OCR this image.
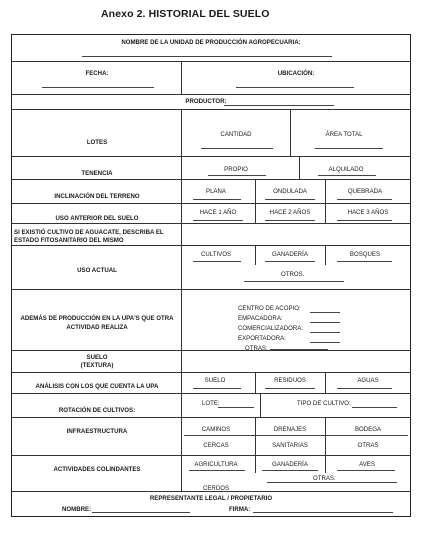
Anexo 2. HISTORIAL DEL SUELO
NOMBRE DE LA UNIDAD DE PRODUCCIÓN AGROPECUARIA:
FECHA:	UBICACIÓN:
PRODUCTOR:
LOTES
CANTIDAD	ÁREA TOTAL
TENENCIA
PROPIO	ALQUILADO
INCLINACIÓN DEL TERRENO
PLANA	ONDULADA	QUEBRADA
USO ANTERIOR DEL SUELO
HACE 1 AÑO	HACE 2 AÑOS	HACE 3 AÑOS
SI EXISTIÓ CULTIVO DE AGUACATE, DESCRIBA EL
ESTADO FITOSANITARIO DEL MISMO
USO ACTUAL
CULTIVOS	GANADERÍA	BOSQUES
OTROS.
ADEMÁS DE PRODUCCIÓN EN LA UPA'S QUE OTRA
ACTIVIDAD REALIZA
CENTRO DE ACOPIO:
EMPACADORA:
COMERCIALIZADORA:
EXPORTADORA:
OTRAS:
SUELO
(TEXTURA)
ANÁLISIS CON LOS QUE CUENTA LA UPA
SUELO	RESIDUOS	AGUAS
ROTACIÓN DE CULTIVOS:
LOTE:	TIPO DE CULTIVO:
INFRAESTRUCTURA	CAMINOS	DRENAJES	BODEGA
CERCAS	SANITARIAS	OTRAS
ACTIVIDADES COLINDANTES
AGRICULTURA	GANADERÍA	AVES
OTRAS:
CERDOS
REPRESENTANTE LEGAL / PROPIETARIO
NOMBRE:	FIRMA:
